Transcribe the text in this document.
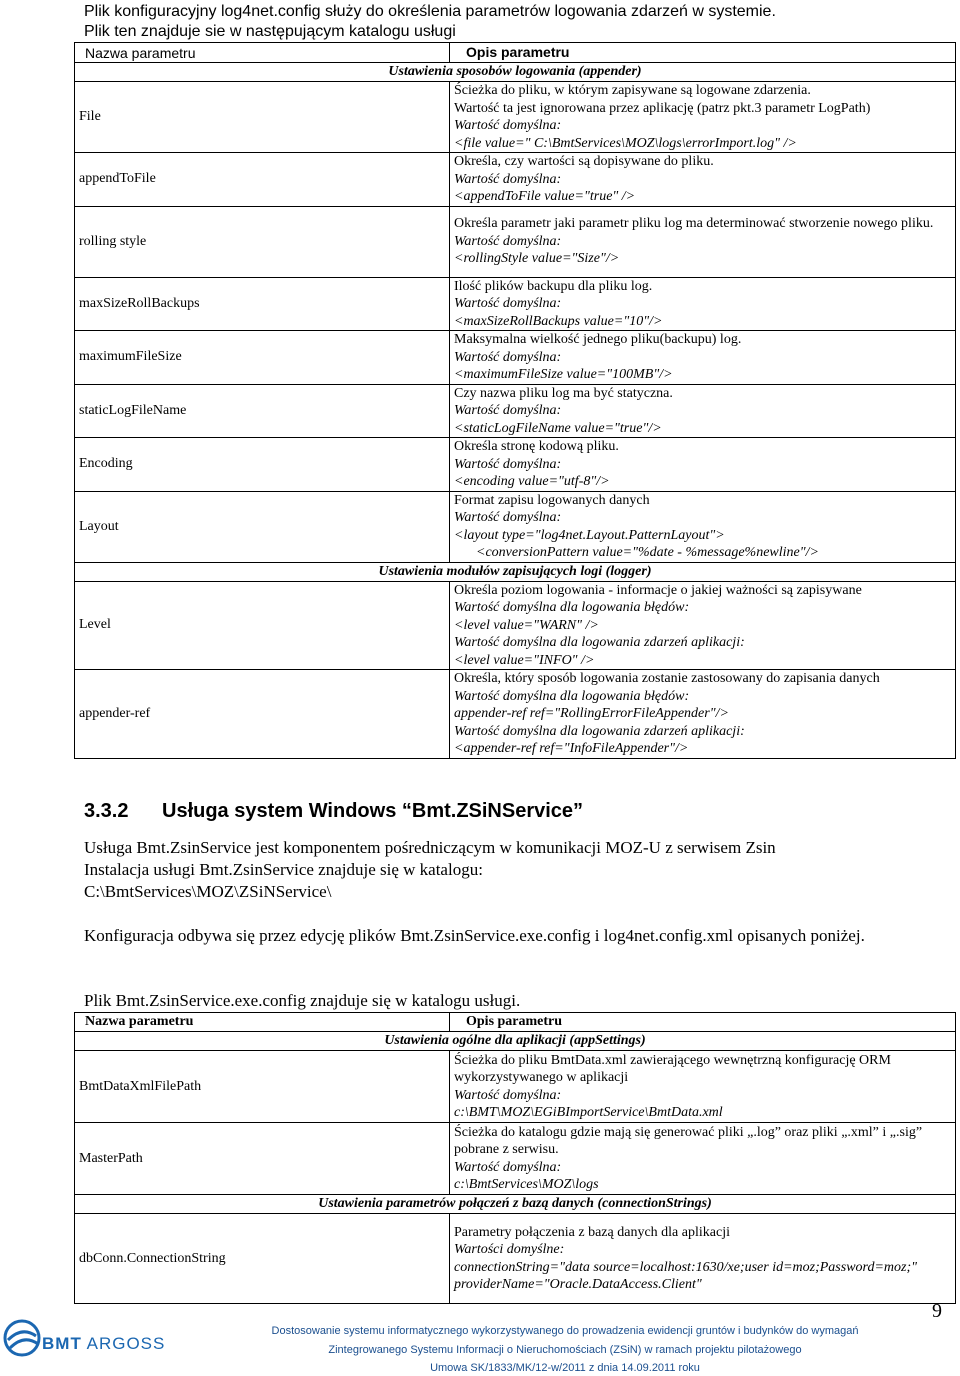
Plik konfiguracyjny log4net.config służy do określenia parametrów logowania zdarzeń w systemie.
Plik ten znajduje sie w następującym katalogu usługi
Nazwa parametru	Opis parametru
Ustawienia sposobów logowania (appender)	
File	Ścieżka do pliku, w którym zapisywane są logowane zdarzenia.
Wartość ta jest ignorowana przez aplikację (patrz pkt.3 parametr LogPath)
Wartość domyślna:
<file value=" C:\BmtServices\MOZ\logs\errorImport.log" />

appendToFile	Określa, czy wartości są dopisywane do pliku.
Wartość domyślna:
<appendToFile value="true" />

rolling style	Określa parametr jaki parametr pliku log ma determinować stworzenie nowego pliku.
Wartość domyślna:
<rollingStyle value="Size"/>

maxSizeRollBackups	Ilość plików backupu dla pliku log.
Wartość domyślna:
<maxSizeRollBackups value="10"/>

maximumFileSize	Maksymalna wielkość jednego pliku(backupu) log.
Wartość domyślna:
<maximumFileSize value="100MB"/>

staticLogFileName	Czy nazwa pliku log ma być statyczna.
Wartość domyślna:
<staticLogFileName value="true"/>

Encoding	Określa stronę kodową pliku.
Wartość domyślna:
<encoding value="utf-8"/>

Layout	Format zapisu logowanych danych
Wartość domyślna:
<layout type="log4net.Layout.PatternLayout">
<conversionPattern value="%date - %message%newline"/>

Ustawienia modułów zapisujących logi (logger)	
Level	Określa poziom logowania - informacje o jakiej ważności są zapisywane
Wartość domyślna dla logowania błędów:
<level value="WARN" />
Wartość domyślna dla logowania zdarzeń aplikacji:
<level value="INFO" />

appender-ref	Określa, który sposób logowania zostanie zastosowany do zapisania danych
Wartość domyślna dla logowania błędów:
appender-ref ref="RollingErrorFileAppender"/>
Wartość domyślna dla logowania zdarzeń aplikacji:
<appender-ref ref="InfoFileAppender"/>
3.3.2 Usługa system Windows “Bmt.ZSiNService”
Usługa Bmt.ZsinService jest komponentem pośredniczącym w komunikacji MOZ-U z serwisem Zsin
Instalacja usługi Bmt.ZsinService znajduje się w katalogu:
C:\BmtServices\MOZ\ZSiNService\
Konfiguracja odbywa się przez edycję plików Bmt.ZsinService.exe.config i log4net.config.xml opisanych poniżej.
Plik Bmt.ZsinService.exe.config znajduje się w katalogu usługi.
Nazwa parametru	Opis parametru
Ustawienia ogólne dla aplikacji (appSettings)	
BmtDataXmlFilePath	Ścieżka do pliku BmtData.xml zawierającego wewnętrzną konfigurację ORM wykorzystywanego w aplikacji
Wartość domyślna:
c:\BMT\MOZ\EGiBImportService\BmtData.xml

MasterPath	Ścieżka do katalogu gdzie mają się generować pliki „.log” oraz pliki „.xml” i „.sig” pobrane z serwisu.
Wartość domyślna:
c:\BmtServices\MOZ\logs

Ustawienia parametrów połączeń z bazą danych (connectionStrings)	
dbConn.ConnectionString	Parametry połączenia z bazą danych dla aplikacji
Wartości domyślne:
connectionString="data source=localhost:1630/xe;user id=moz;Password=moz;"
providerName="Oracle.DataAccess.Client"
9
BMT ARGOSS
Dostosowanie systemu informatycznego wykorzystywanego do prowadzenia ewidencji gruntów i budynków do wymagań
Zintegrowanego Systemu Informacji o Nieruchomościach (ZSiN) w ramach projektu pilotażowego
Umowa SK/1833/MK/12-w/2011 z dnia 14.09.2011 roku
